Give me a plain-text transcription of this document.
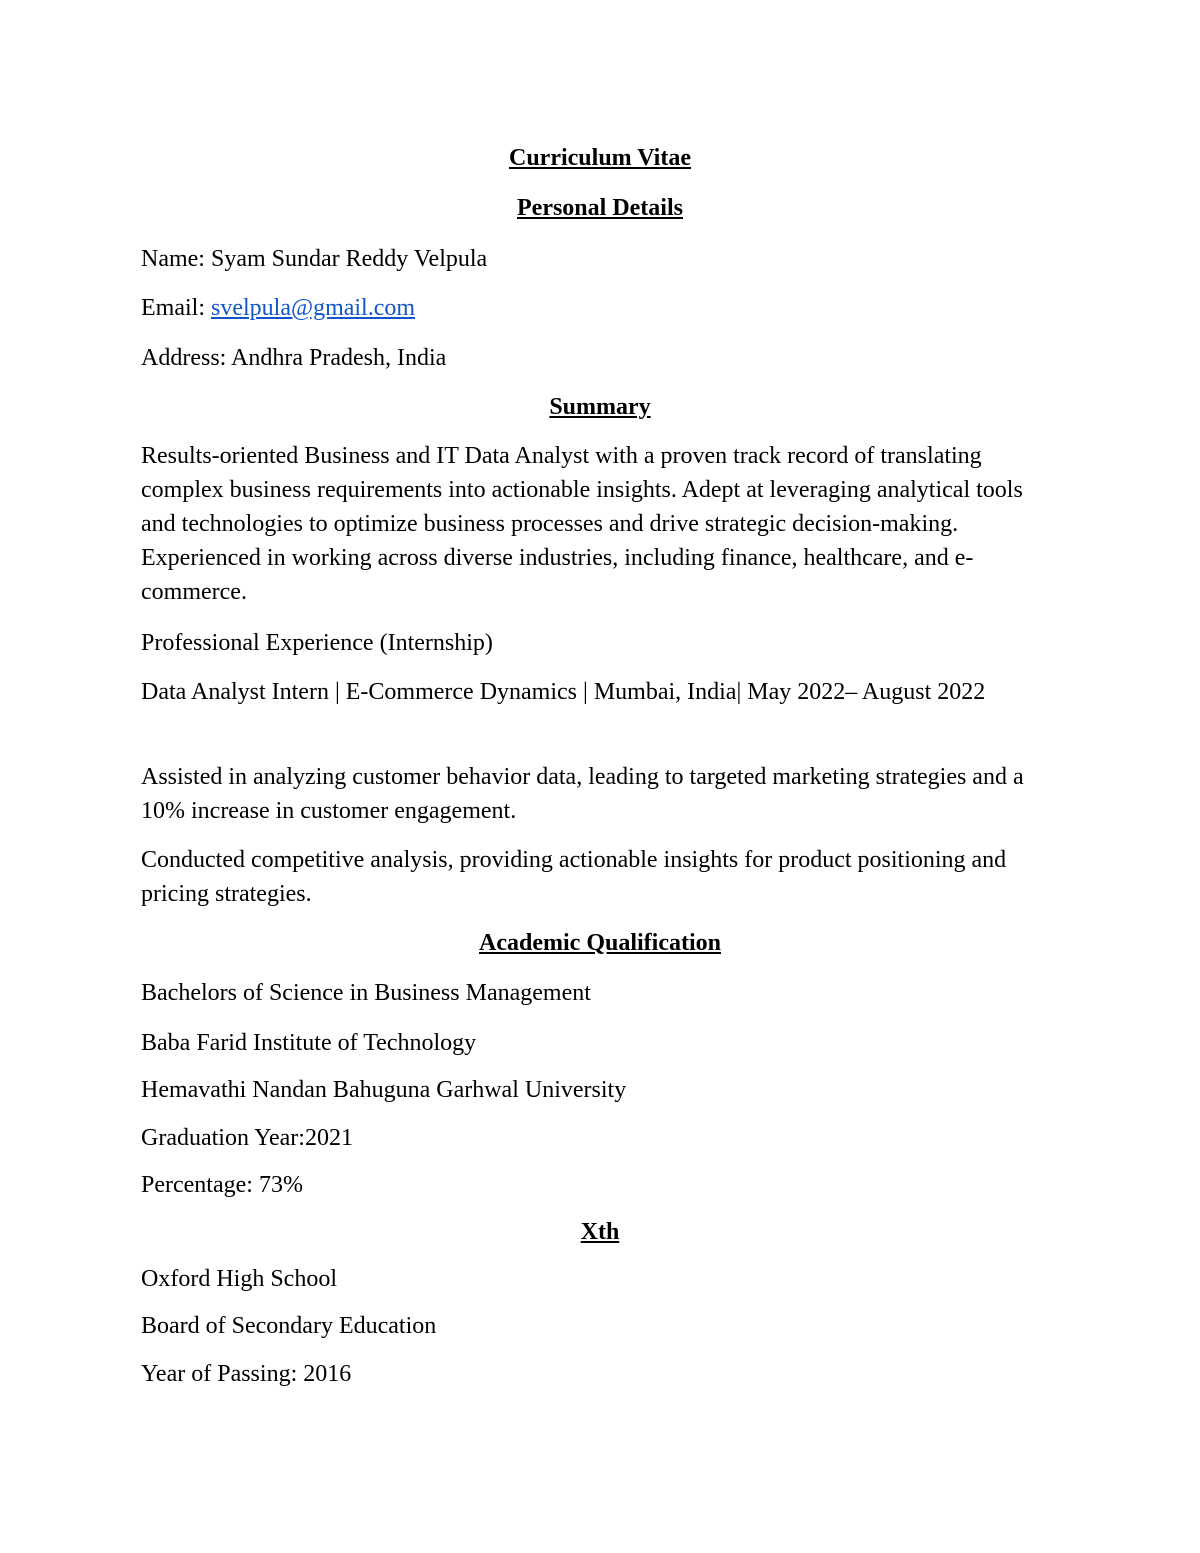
Curriculum Vitae

Personal Details

Name: Syam Sundar Reddy Velpula

Email: svelpula@gmail.com

Address: Andhra Pradesh, India

Summary

Results-oriented Business and IT Data Analyst with a proven track record of translating complex business requirements into actionable insights. Adept at leveraging analytical tools and technologies to optimize business processes and drive strategic decision-making. Experienced in working across diverse industries, including finance, healthcare, and e-commerce.

Professional Experience (Internship)

Data Analyst Intern | E-Commerce Dynamics | Mumbai, India| May 2022– August 2022

Assisted in analyzing customer behavior data, leading to targeted marketing strategies and a 10% increase in customer engagement.

Conducted competitive analysis, providing actionable insights for product positioning and pricing strategies.

Academic Qualification

Bachelors of Science in Business Management

Baba Farid Institute of Technology

Hemavathi Nandan Bahuguna Garhwal University

Graduation Year:2021

Percentage: 73%

Xth

Oxford High School

Board of Secondary Education

Year of Passing: 2016
